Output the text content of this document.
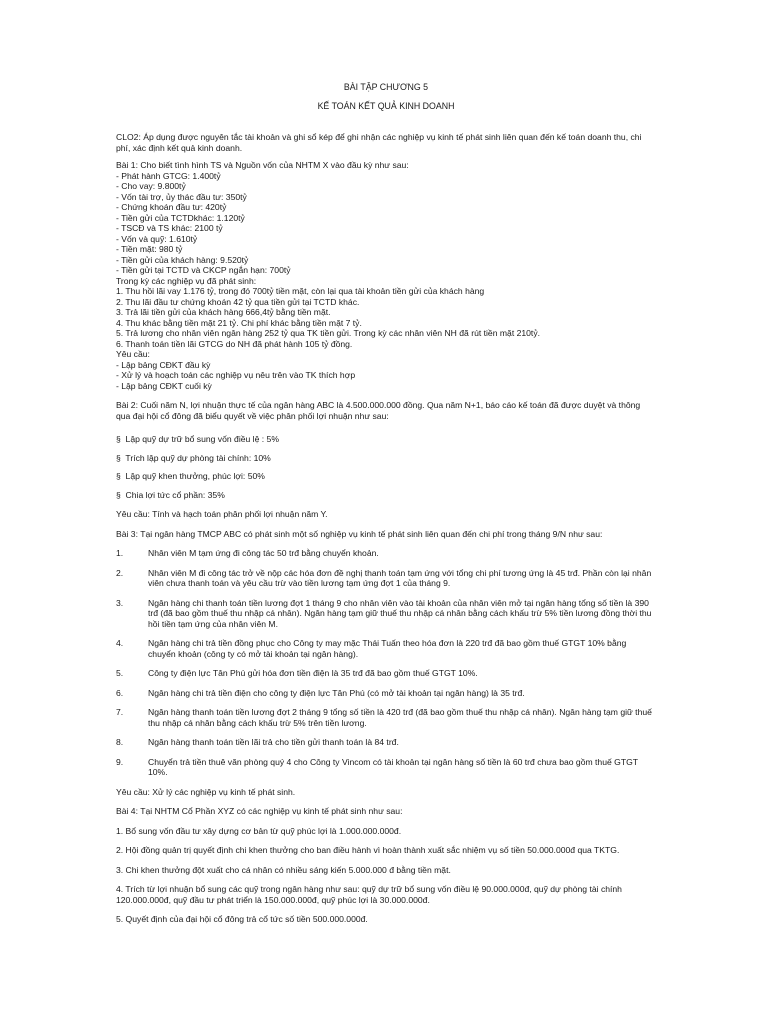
BÀI TẬP CHƯƠNG 5
KẾ TOÁN KẾT QUẢ KINH DOANH

CLO2: Áp dụng được nguyên tắc tài khoản và ghi sổ kép để ghi nhận các nghiệp vụ kinh tế phát sinh liên quan đến kế toán doanh thu, chi phí, xác định kết quả kinh doanh.

Bài 1: Cho biết tình hình TS và Nguồn vốn của NHTM X vào đầu kỳ như sau:
- Phát hành GTCG: 1.400tỷ
- Cho vay: 9.800tỷ
- Vốn tài trợ, ủy thác đầu tư: 350tỷ
- Chứng khoán đầu tư: 420tỷ
- Tiền gửi của TCTDkhác: 1.120tỷ
- TSCĐ và TS khác: 2100 tỷ
- Vốn và quỹ: 1.610tỷ
- Tiền mặt: 980 tỷ
- Tiền gửi của khách hàng: 9.520tỷ
- Tiền gửi tại TCTD và CKCP ngắn hạn: 700tỷ
Trong kỳ các nghiệp vụ đã phát sinh:
1. Thu hồi lãi vay 1.176 tỷ, trong đó 700tỷ tiền mặt, còn lại qua tài khoản tiền gửi của khách hàng
2. Thu lãi đầu tư chứng khoán 42 tỷ qua tiền gửi tại TCTD khác.
3. Trả lãi tiền gửi của khách hàng 666,4tỷ bằng tiền mặt.
4. Thu khác bằng tiền mặt 21 tỷ. Chi phí khác bằng tiền mặt 7 tỷ.
5. Trả lương cho nhân viên ngân hàng 252 tỷ qua TK tiền gửi. Trong kỳ các nhân viên NH đã rút tiền mặt 210tỷ.
6. Thanh toán tiền lãi GTCG do NH đã phát hành 105 tỷ đồng.
Yêu cầu:
- Lập bảng CĐKT đầu kỳ
- Xử lý và hoạch toán các nghiệp vụ nêu trên vào TK thích hợp
- Lập bảng CĐKT cuối kỳ

Bài 2: Cuối năm N, lợi nhuận thực tế của ngân hàng ABC là 4.500.000.000 đồng. Qua năm N+1, báo cáo kế toán đã được duyệt và thông qua đại hội cổ đông đã biểu quyết về việc phân phối lợi nhuận như sau:

§  Lập quỹ dự trữ bổ sung vốn điều lệ : 5%
§  Trích lập quỹ dự phòng tài chính: 10%
§  Lập quỹ khen thưởng, phúc lợi: 50%
§  Chia lợi tức cổ phần: 35%
Yêu cầu: Tính và hạch toán phân phối lợi nhuận năm Y.

Bài 3: Tại ngân hàng TMCP ABC có phát sinh một số nghiệp vụ kinh tế phát sinh liên quan đến chi phí trong tháng 9/N như sau:

1.	Nhân viên M tạm ứng đi công tác 50 trđ bằng chuyển khoản.
2.	Nhân viên M đi công tác trở về nộp các hóa đơn đề nghị thanh toán tạm ứng với tổng chi phí tương ứng là 45 trđ. Phần còn lại nhân viên chưa thanh toán và yêu cầu trừ vào tiền lương tạm ứng đợt 1 của tháng 9.
3.	Ngân hàng chi thanh toán tiền lương đợt 1 tháng 9 cho nhân viên vào tài khoản của nhân viên mở tại ngân hàng tổng số tiền là 390 trđ (đã bao gồm thuế thu nhập cá nhân). Ngân hàng tạm giữ thuế thu nhập cá nhân bằng cách khấu trừ 5% tiền lương đồng thời thu hồi tiền tạm ứng của nhân viên M.
4.	Ngân hàng chi trả tiền đồng phục cho Công ty may mặc Thái Tuấn theo hóa đơn là 220 trđ đã bao gồm thuế GTGT 10% bằng chuyển khoản (công ty có mở tài khoản tại ngân hàng).
5.	Công ty điện lực Tân Phú gửi hóa đơn tiền điện là 35 trđ đã bao gồm thuế GTGT 10%.
6.	Ngân hàng chi trả tiền điện cho công ty điện lực Tân Phú (có mở tài khoản tại ngân hàng) là 35 trđ.
7.	Ngân hàng thanh toán tiền lương đợt 2 tháng 9 tổng số tiền là 420 trđ (đã bao gồm thuế thu nhập cá nhân). Ngân hàng tạm giữ thuế thu nhập cá nhân bằng cách khấu trừ 5% trên tiền lương.
8.	Ngân hàng thanh toán tiền lãi trả cho tiền gửi thanh toán là 84 trđ.
9.	Chuyển trả tiền thuê văn phòng quý 4 cho Công ty Vincom có tài khoản tại ngân hàng số tiền là 60 trđ chưa bao gồm thuế GTGT 10%.
Yêu cầu: Xử lý các nghiệp vụ kinh tế phát sinh.

Bài 4: Tại NHTM Cổ Phần XYZ có các nghiệp vụ kinh tế phát sinh như sau:

1. Bổ sung vốn đầu tư xây dựng cơ bản từ quỹ phúc lợi là 1.000.000.000đ.

2. Hội đồng quản trị quyết định chi khen thưởng cho ban điều hành vì hoàn thành xuất sắc nhiệm vụ số tiền 50.000.000đ qua TKTG.

3. Chi khen thưởng đột xuất cho cá nhân có nhiều sáng kiến 5.000.000 đ bằng tiền mặt.

4. Trích từ lợi nhuận bổ sung các quỹ trong ngân hàng như sau: quỹ dự trữ bổ sung vốn điều lệ 90.000.000đ, quỹ dự phòng tài chính 120.000.000đ, quỹ đầu tư phát triển là 150.000.000đ, quỹ phúc lợi là 30.000.000đ.

5. Quyết định của đại hội cổ đông trả cổ tức số tiền 500.000.000đ.
